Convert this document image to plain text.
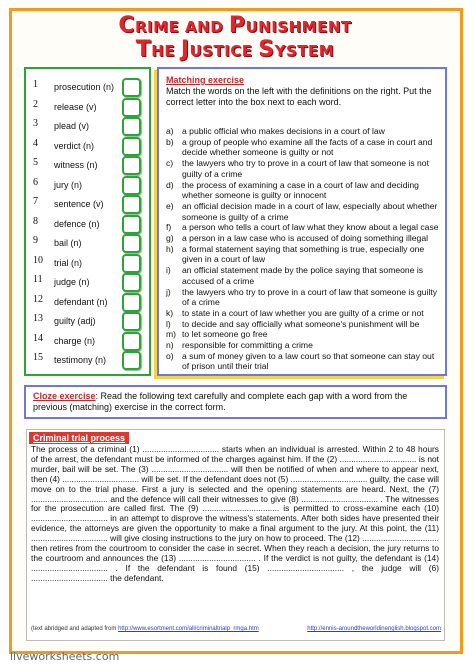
CRIME AND PUNISHMENT
THE JUSTICE SYSTEM
1 prosecution (n)
2 release (v)
3 plead (v)
4 verdict (n)
5 witness (n)
6 jury (n)
7 sentence (v)
8 defence (n)
9 bail (n)
10 trial (n)
11 judge (n)
12 defendant (n)
13 guilty (adj)
14 charge (n)
15 testimony (n)
Matching exercise
Match the words on the left with the definitions on the right. Put the correct letter into the box next to each word.
a) a public official who makes decisions in a court of law
b) a group of people who examine all the facts of a case in court and decide whether someone is guilty or not
c) the lawyers who try to prove in a court of law that someone is not guilty of a crime
d) the process of examining a case in a court of law and deciding whether someone is guilty or innocent
e) an official decision made in a court of law, especially about whether someone is guilty of a crime
f) a person who tells a court of law what they know about a legal case
g) a person in a law case who is accused of doing something illegal
h) a formal statement saying that something is true, especially one given in a court of law
i) an official statement made by the police saying that someone is accused of a crime
j) the lawyers who try to prove in a court of law that someone is guilty of a crime
k) to state in a court of law whether you are guilty of a crime or not
l) to decide and say officially what someone's punishment will be
m) to let someone go free
n) responsible for committing a crime
o) a sum of money given to a law court so that someone can stay out of prison until their trial
Cloze exercise: Read the following text carefully and complete each gap with a word from the previous (matching) exercise in the correct form.
Criminal trial process
The process of a criminal (1) ................................. starts when an individual is arrested. Within 2 to 48 hours of the arrest, the defendant must be informed of the charges against him. If the (2) ................................. is not murder, bail will be set. The (3) ................................. will then be notified of when and where to appear next, then (4) ................................. will be set. If the defendant does not (5) ................................. guilty, the case will move on to the trial phase. First a jury is selected and the opening statements are heard. Next, the (7) ................................. and the defence will call their witnesses to give (8) ................................. . The witnesses for the prosecution are called first. The (9) ................................. is permitted to cross-examine each (10) ................................. in an attempt to disprove the witness's statements. After both sides have presented their evidence, the attorneys are given the opportunity to make a final argument to the jury. At this point, the (11) ................................. will give closing instructions to the jury on how to proceed. The (12) ................................. then retires from the courtroom to consider the case in secret. When they reach a decision, the jury returns to the courtroom and announces the (13) ................................. . If the verdict is not guilty, the defendant is (14) ................................. . If the defendant is found (15) ................................. , the judge will (6) ................................. the defendant.
(text abridged and adapted from http://www.esortment.com/all/criminaltrialp_rmga.htm	http://ennis-aroundtheworldinenglish.blogspot.com
liveworksheets.com
